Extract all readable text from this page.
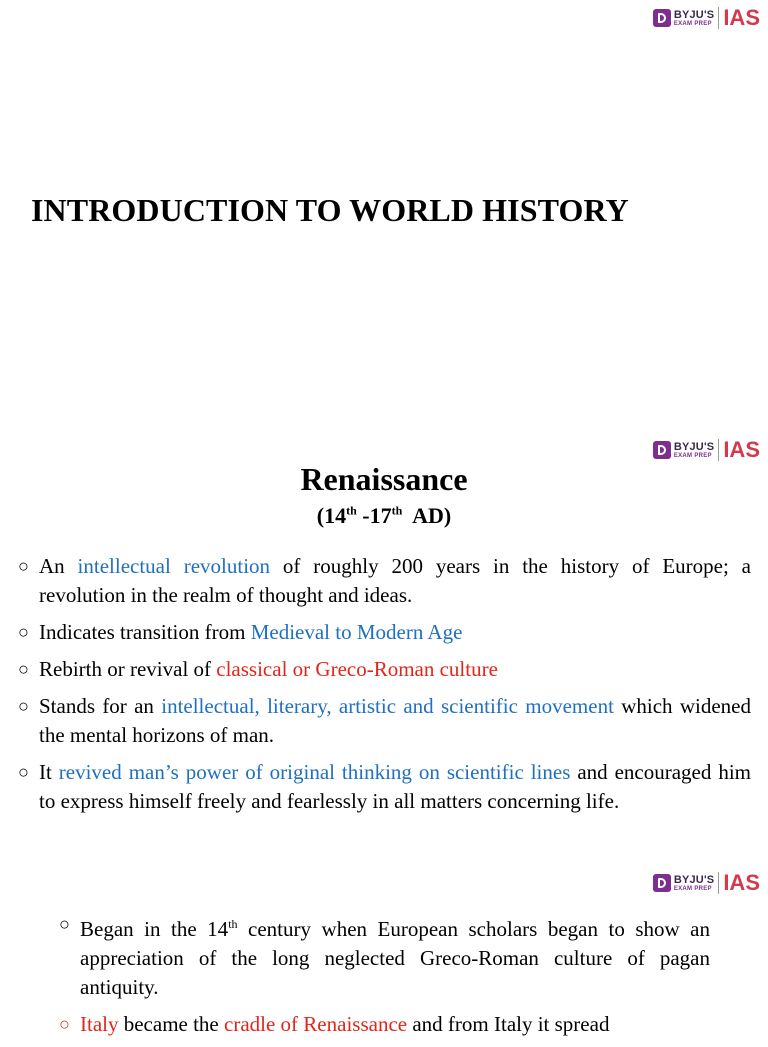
BYJU'S
EXAM PREP IAS
INTRODUCTION TO WORLD HISTORY
BYJU'S
EXAM PREP IAS
Renaissance
(14th -17th  AD)
○ An intellectual revolution of roughly 200 years in the history of Europe; a revolution in the realm of thought and ideas.
○ Indicates transition from Medieval to Modern Age
○ Rebirth or revival of classical or Greco-Roman culture
○ Stands for an intellectual, literary, artistic and scientific movement which widened the mental horizons of man.
○ It revived man’s power of original thinking on scientific lines and encouraged him to express himself freely and fearlessly in all matters concerning life.
BYJU'S
EXAM PREP IAS
○ Began in the 14th century when European scholars began to show an appreciation of the long neglected Greco-Roman culture of pagan antiquity.
○ Italy became the cradle of Renaissance and from Italy it spread
